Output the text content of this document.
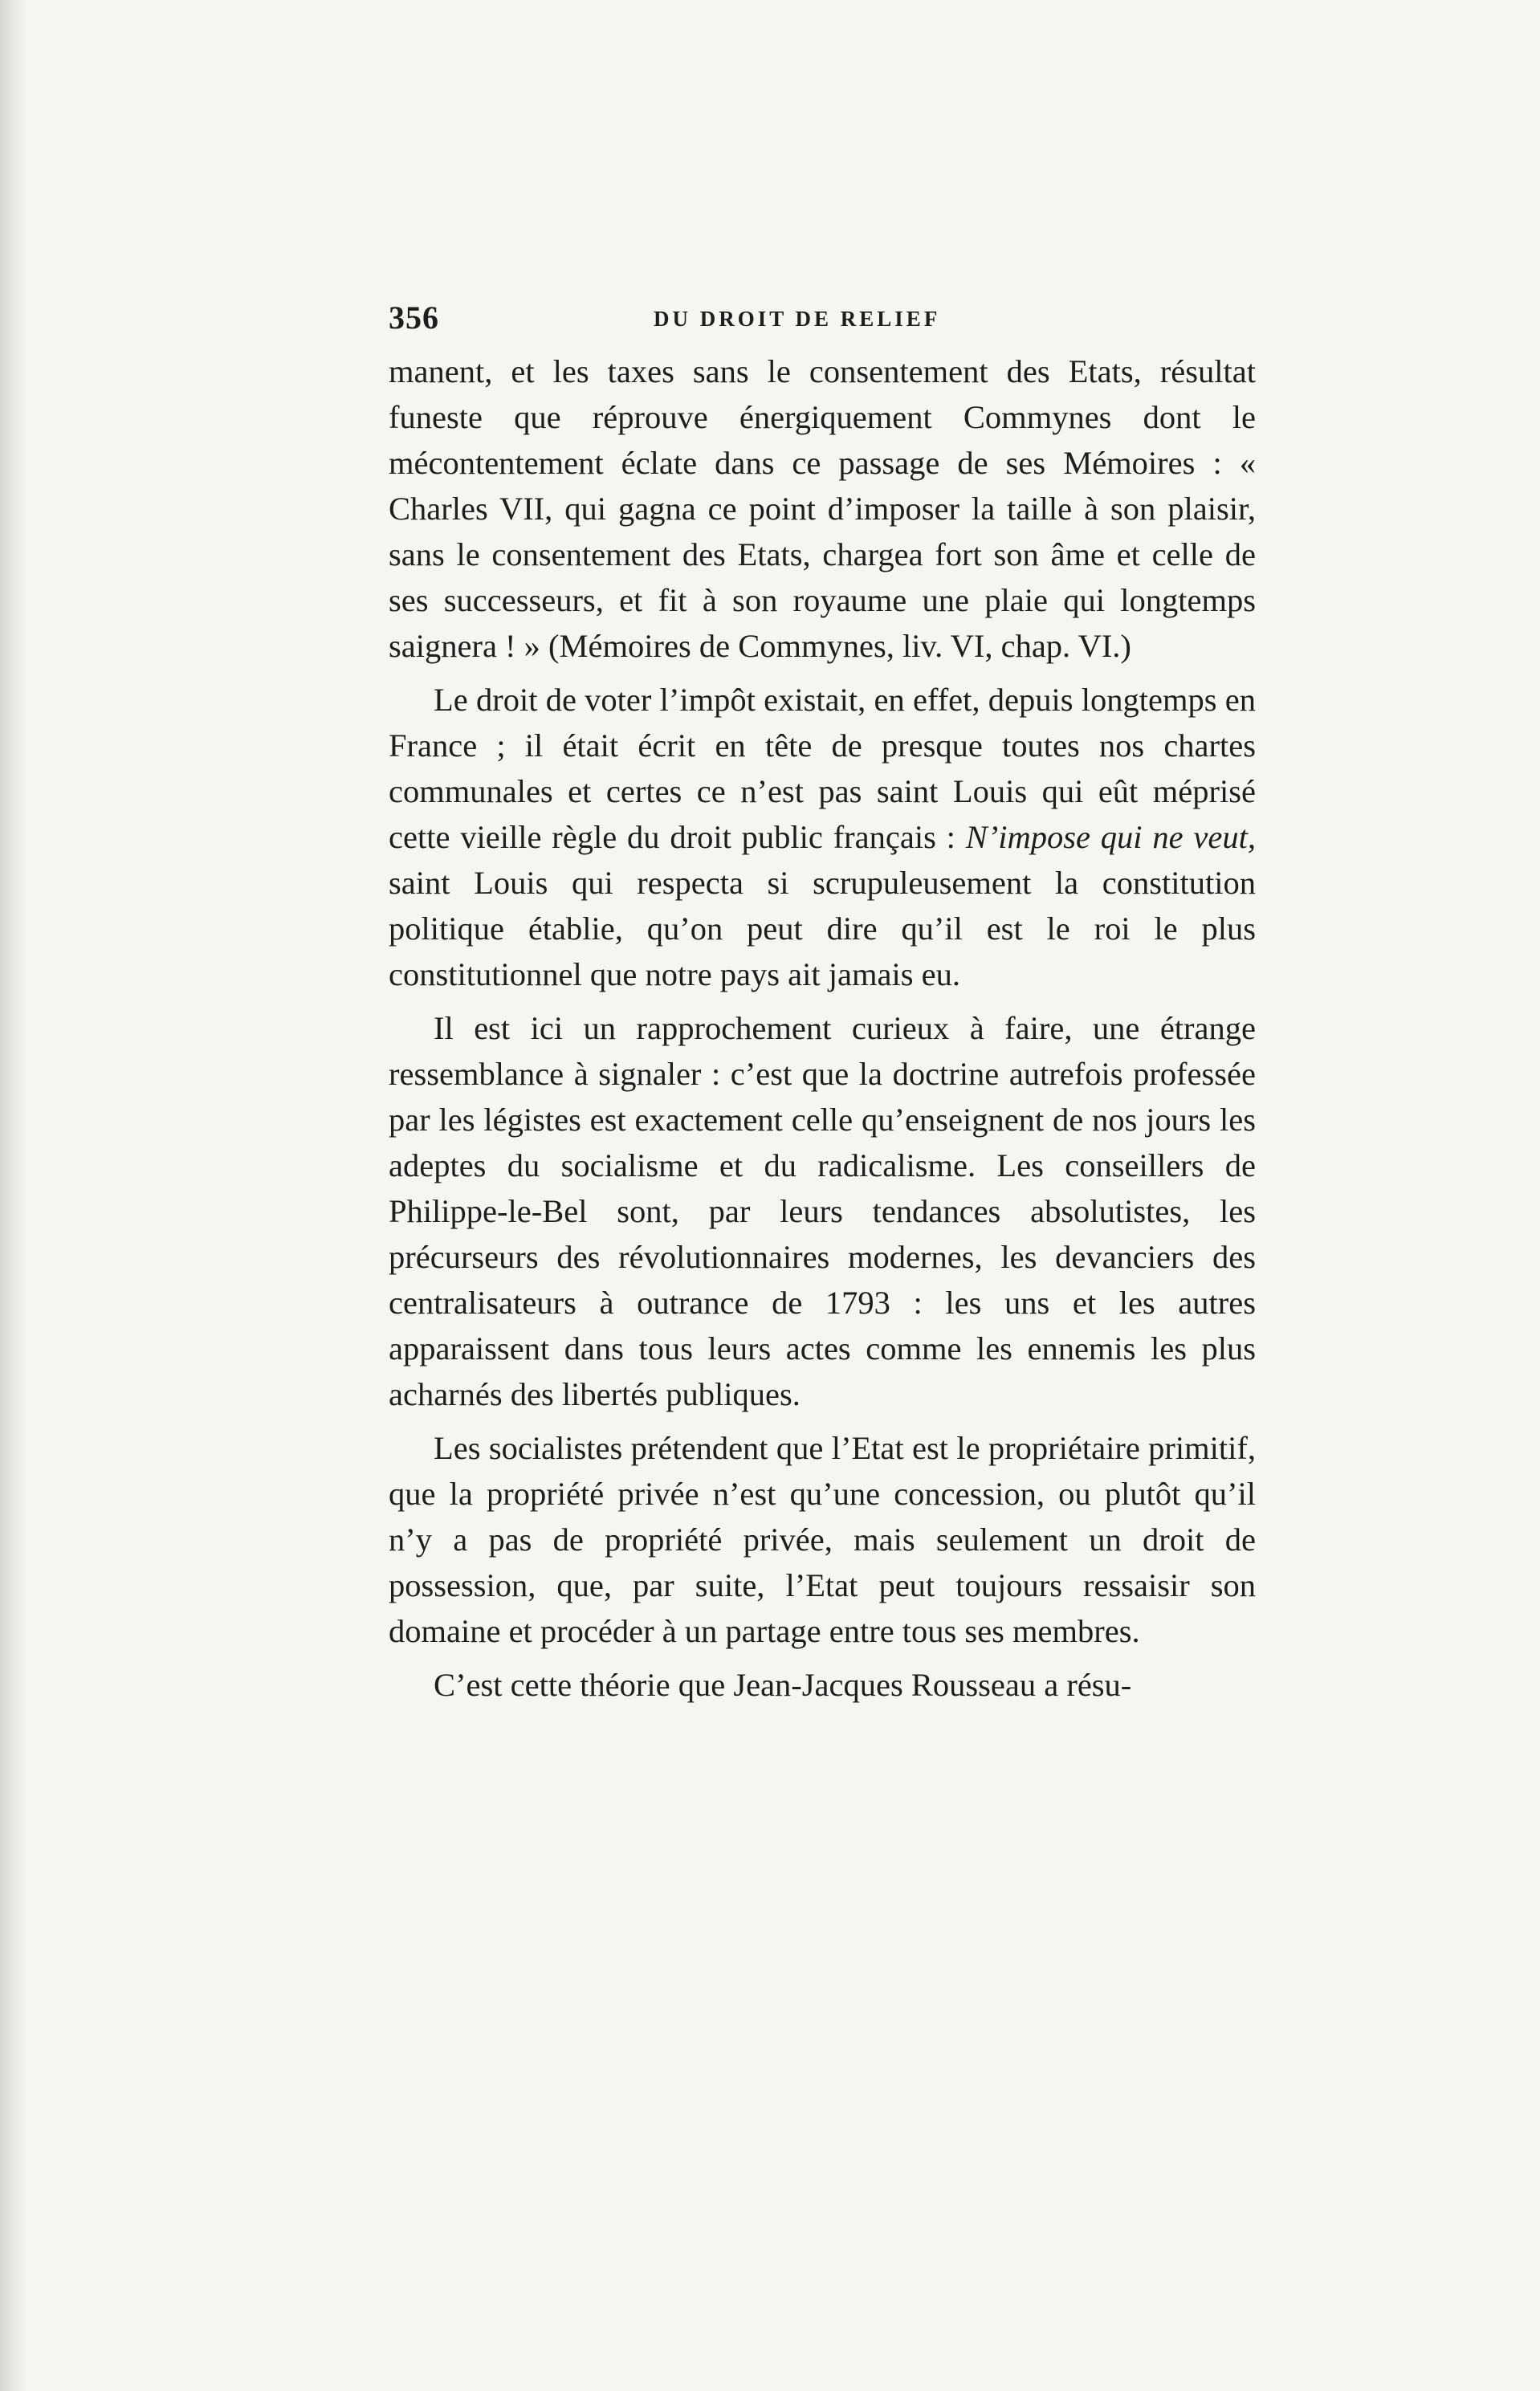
356	DU DROIT DE RELIEF

manent, et les taxes sans le consentement des Etats, résultat funeste que réprouve énergiquement Commynes dont le mécontentement éclate dans ce passage de ses Mémoires : « Charles VII, qui gagna ce point d’imposer la taille à son plaisir, sans le consentement des Etats, chargea fort son âme et celle de ses successeurs, et fit à son royaume une plaie qui longtemps saignera ! » (Mémoires de Commynes, liv. VI, chap. VI.)

Le droit de voter l’impôt existait, en effet, depuis longtemps en France ; il était écrit en tête de presque toutes nos chartes communales et certes ce n’est pas saint Louis qui eût méprisé cette vieille règle du droit public français : N’impose qui ne veut, saint Louis qui respecta si scrupuleusement la constitution politique établie, qu’on peut dire qu’il est le roi le plus constitutionnel que notre pays ait jamais eu.

Il est ici un rapprochement curieux à faire, une étrange ressemblance à signaler : c’est que la doctrine autrefois professée par les légistes est exactement celle qu’enseignent de nos jours les adeptes du socialisme et du radicalisme. Les conseillers de Philippe-le-Bel sont, par leurs tendances absolutistes, les précurseurs des révolutionnaires modernes, les devanciers des centralisateurs à outrance de 1793 : les uns et les autres apparaissent dans tous leurs actes comme les ennemis les plus acharnés des libertés publiques.

Les socialistes prétendent que l’Etat est le propriétaire primitif, que la propriété privée n’est qu’une concession, ou plutôt qu’il n’y a pas de propriété privée, mais seulement un droit de possession, que, par suite, l’Etat peut toujours ressaisir son domaine et procéder à un partage entre tous ses membres.

C’est cette théorie que Jean-Jacques Rousseau a résu-
